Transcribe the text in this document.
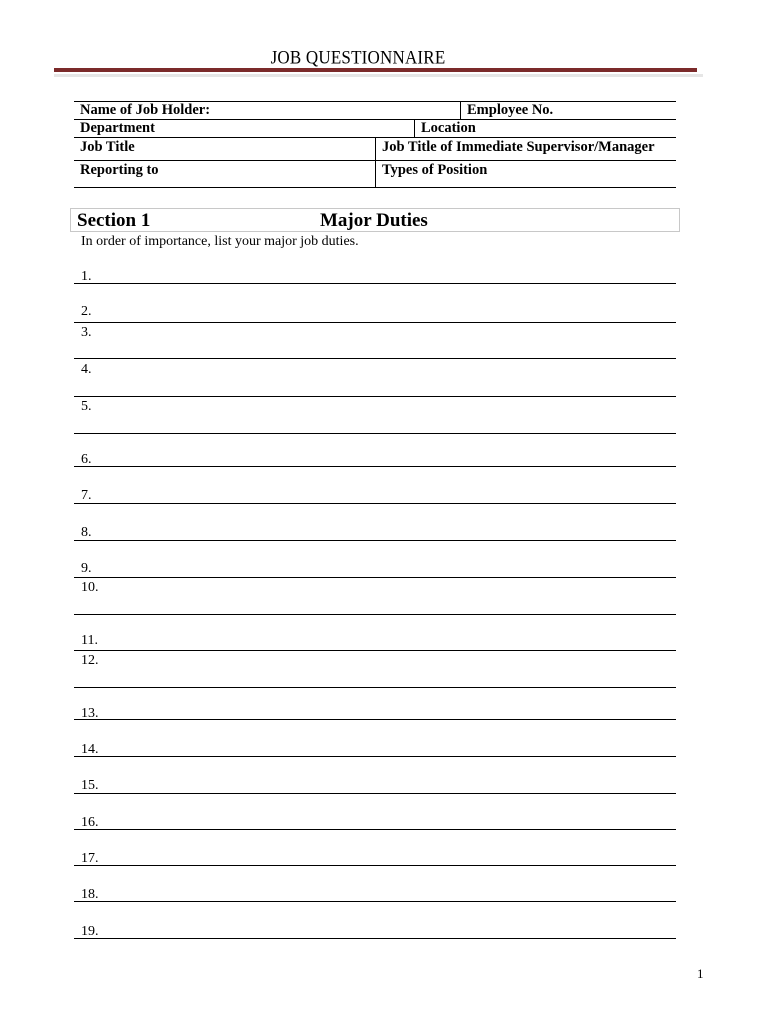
JOB QUESTIONNAIRE
Name of Job Holder:	Employee No.
Department	Location
Job Title	Job Title of Immediate Supervisor/Manager
Reporting to	Types of Position
Section 1	Major Duties
In order of importance, list your major job duties.
1.
2.
3.
4.
5.
6.
7.
8.
9.
10.
11.
12.
13.
14.
15.
16.
17.
18.
19.
1
